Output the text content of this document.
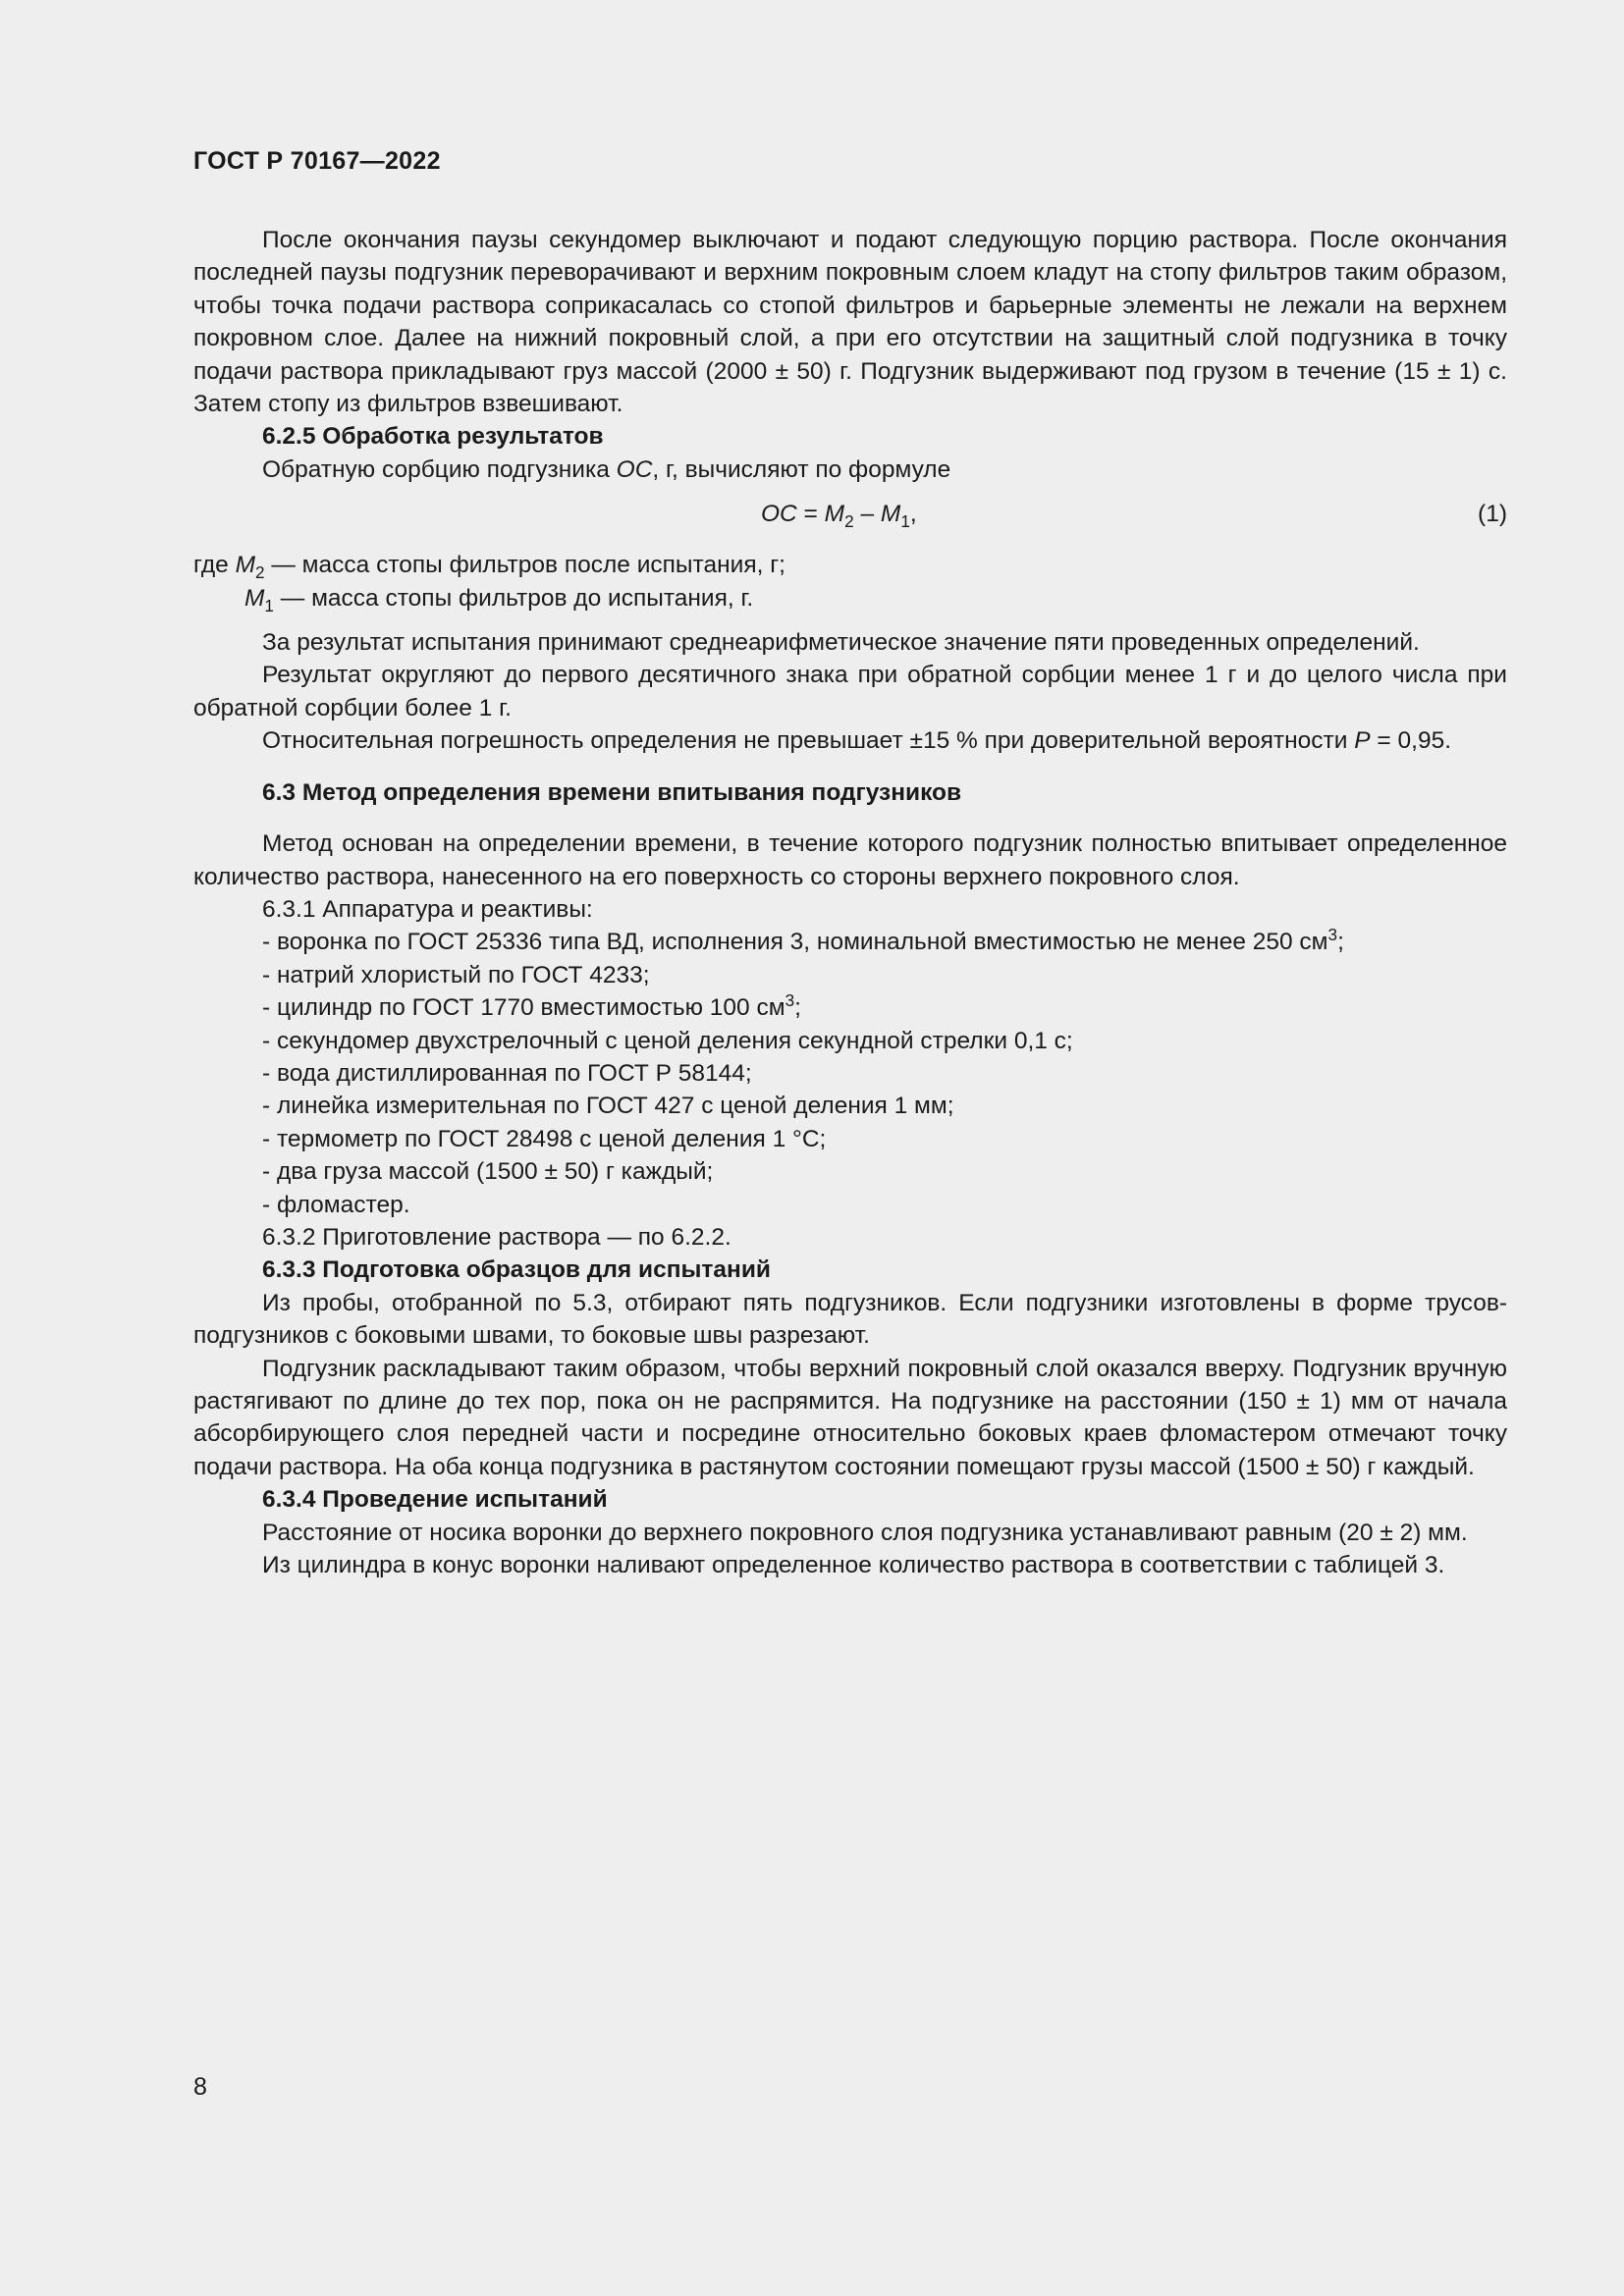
ГОСТ Р 70167—2022

После окончания паузы секундомер выключают и подают следующую порцию раствора. После окончания последней паузы подгузник переворачивают и верхним покровным слоем кладут на стопу фильтров таким образом, чтобы точка подачи раствора соприкасалась со стопой фильтров и барьерные элементы не лежали на верхнем покровном слое. Далее на нижний покровный слой, а при его отсутствии на защитный слой подгузника в точку подачи раствора прикладывают груз массой (2000 ± 50) г. Подгузник выдерживают под грузом в течение (15 ± 1) с. Затем стопу из фильтров взвешивают.

6.2.5 Обработка результатов

Обратную сорбцию подгузника ОС, г, вычисляют по формуле

ОС = $M_2 - M_1$,	(1)

где $M_2$ — масса стопы фильтров после испытания, г;

$M_1$ — масса стопы фильтров до испытания, г.

За результат испытания принимают среднеарифметическое значение пяти проведенных определений.

Результат округляют до первого десятичного знака при обратной сорбции менее 1 г и до целого числа при обратной сорбции более 1 г.

Относительная погрешность определения не превышает ±15 % при доверительной вероятности P = 0,95.

6.3 Метод определения времени впитывания подгузников

Метод основан на определении времени, в течение которого подгузник полностью впитывает определенное количество раствора, нанесенного на его поверхность со стороны верхнего покровного слоя.

6.3.1 Аппаратура и реактивы:

- воронка по ГОСТ 25336 типа ВД, исполнения 3, номинальной вместимостью не менее 250 $см^3$;
- натрий хлористый по ГОСТ 4233;
- цилиндр по ГОСТ 1770 вместимостью 100 $см^3$;
- секундомер двухстрелочный с ценой деления секундной стрелки 0,1 с;
- вода дистиллированная по ГОСТ Р 58144;
- линейка измерительная по ГОСТ 427 с ценой деления 1 мм;
- термометр по ГОСТ 28498 с ценой деления 1 °С;
- два груза массой (1500 ± 50) г каждый;
- фломастер.

6.3.2 Приготовление раствора — по 6.2.2.

6.3.3 Подготовка образцов для испытаний

Из пробы, отобранной по 5.3, отбирают пять подгузников. Если подгузники изготовлены в форме трусов-подгузников с боковыми швами, то боковые швы разрезают.

Подгузник раскладывают таким образом, чтобы верхний покровный слой оказался вверху. Подгузник вручную растягивают по длине до тех пор, пока он не распрямится. На подгузнике на расстоянии (150 ± 1) мм от начала абсорбирующего слоя передней части и посредине относительно боковых краев фломастером отмечают точку подачи раствора. На оба конца подгузника в растянутом состоянии помещают грузы массой (1500 ± 50) г каждый.

6.3.4 Проведение испытаний

Расстояние от носика воронки до верхнего покровного слоя подгузника устанавливают равным (20 ± 2) мм.

Из цилиндра в конус воронки наливают определенное количество раствора в соответствии с таблицей 3.

8
